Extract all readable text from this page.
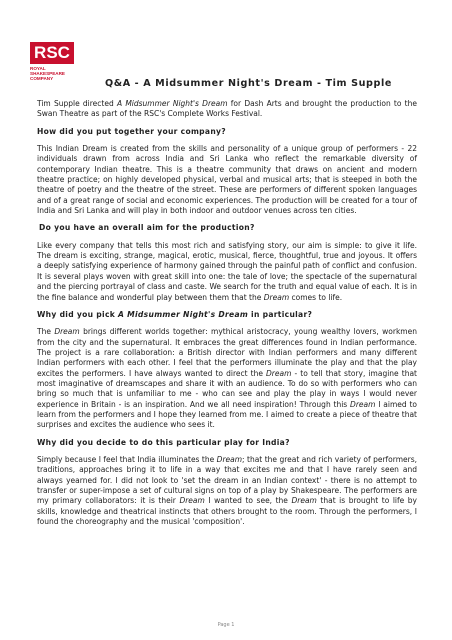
RSC
ROYAL
SHAKESPEARE
COMPANY	Q&A - A Midsummer Night's Dream - Tim Supple

Tim Supple directed A Midsummer Night's Dream for Dash Arts and brought the production to the Swan Theatre as part of the RSC's Complete Works Festival.

How did you put together your company?

This Indian Dream is created from the skills and personality of a unique group of performers - 22 individuals drawn from across India and Sri Lanka who reflect the remarkable diversity of contemporary Indian theatre. This is a theatre community that draws on ancient and modern theatre practice; on highly developed physical, verbal and musical arts; that is steeped in both the theatre of poetry and the theatre of the street. These are performers of different spoken languages and of a great range of social and economic experiences. The production will be created for a tour of India and Sri Lanka and will play in both indoor and outdoor venues across ten cities.

Do you have an overall aim for the production?

Like every company that tells this most rich and satisfying story, our aim is simple: to give it life. The dream is exciting, strange, magical, erotic, musical, fierce, thoughtful, true and joyous. It offers a deeply satisfying experience of harmony gained through the painful path of conflict and confusion. It is several plays woven with great skill into one: the tale of love; the spectacle of the supernatural and the piercing portrayal of class and caste. We search for the truth and equal value of each. It is in the fine balance and wonderful play between them that the Dream comes to life.

Why did you pick A Midsummer Night's Dream in particular?

The Dream brings different worlds together: mythical aristocracy, young wealthy lovers, workmen from the city and the supernatural. It embraces the great differences found in Indian performance. The project is a rare collaboration: a British director with Indian performers and many different Indian performers with each other. I feel that the performers illuminate the play and that the play excites the performers. I have always wanted to direct the Dream - to tell that story, imagine that most imaginative of dreamscapes and share it with an audience. To do so with performers who can bring so much that is unfamiliar to me - who can see and play the play in ways I would never experience in Britain - is an inspiration. And we all need inspiration! Through this Dream I aimed to learn from the performers and I hope they learned from me. I aimed to create a piece of theatre that surprises and excites the audience who sees it.

Why did you decide to do this particular play for India?

Simply because I feel that India illuminates the Dream; that the great and rich variety of performers, traditions, approaches bring it to life in a way that excites me and that I have rarely seen and always yearned for. I did not look to 'set the dream in an Indian context' - there is no attempt to transfer or super-impose a set of cultural signs on top of a play by Shakespeare. The performers are my primary collaborators: it is their Dream I wanted to see, the Dream that is brought to life by skills, knowledge and theatrical instincts that others brought to the room. Through the performers, I found the choreography and the musical 'composition'.

Page 1
